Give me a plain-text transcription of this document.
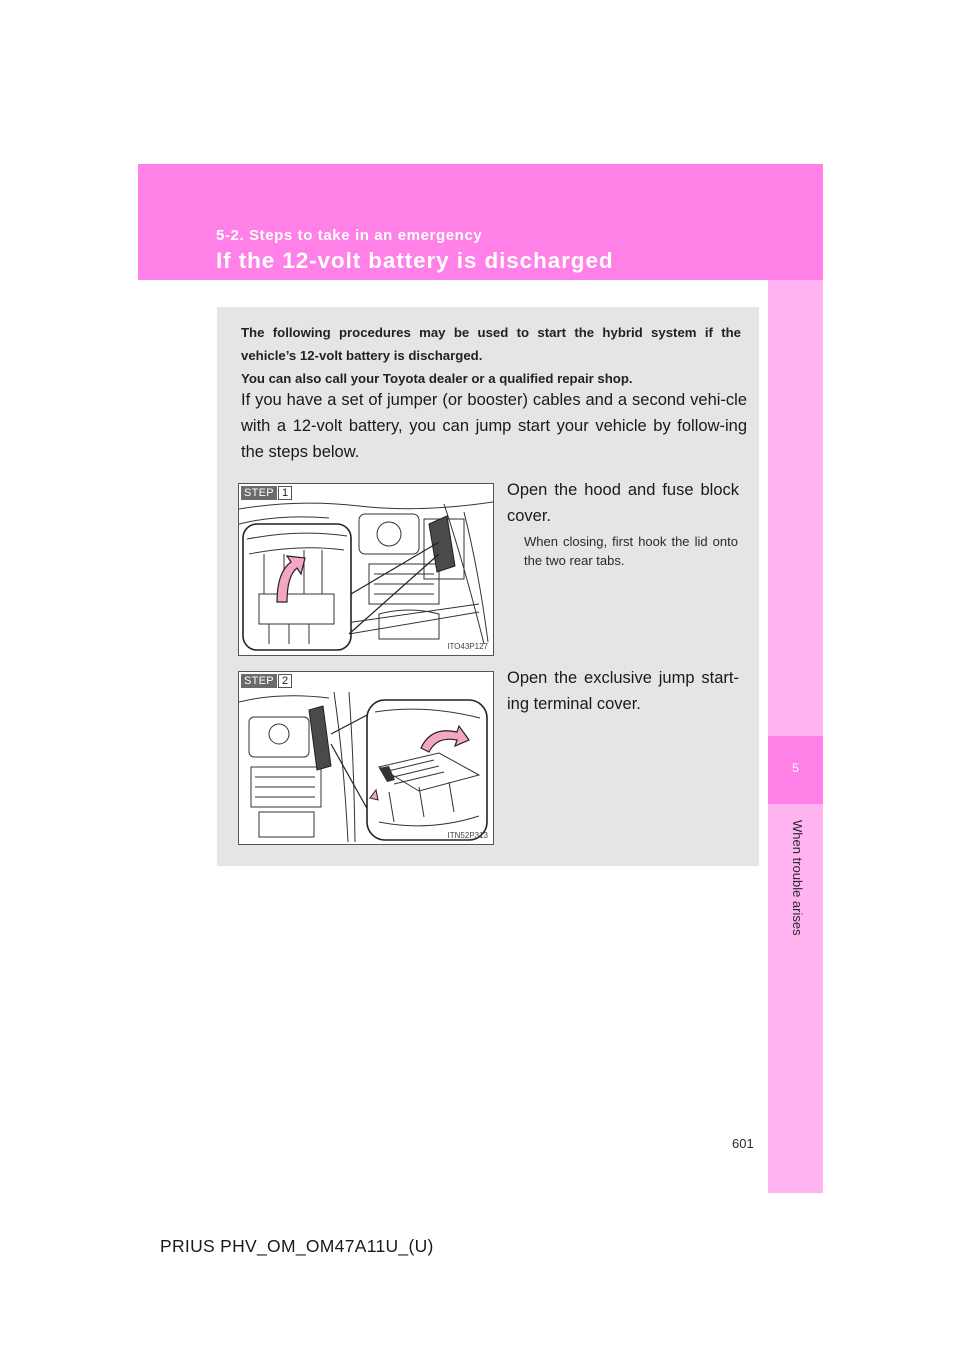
5-2. Steps to take in an emergency
If the 12-volt battery is discharged
5
When trouble arises

The following procedures may be used to start the hybrid system if the vehicle’s 12-volt battery is discharged.

You can also call your Toyota dealer or a qualified repair shop.

If you have a set of jumper (or booster) cables and a second vehi-cle with a 12-volt battery, you can jump start your vehicle by follow-ing the steps below.
STEP 1
ITO43P127
Open the hood and fuse block cover.
When closing, first hook the lid onto the two rear tabs.
STEP 2
ITN52P313
Open the exclusive jump start-ing terminal cover.
601
PRIUS PHV_OM_OM47A11U_(U)
